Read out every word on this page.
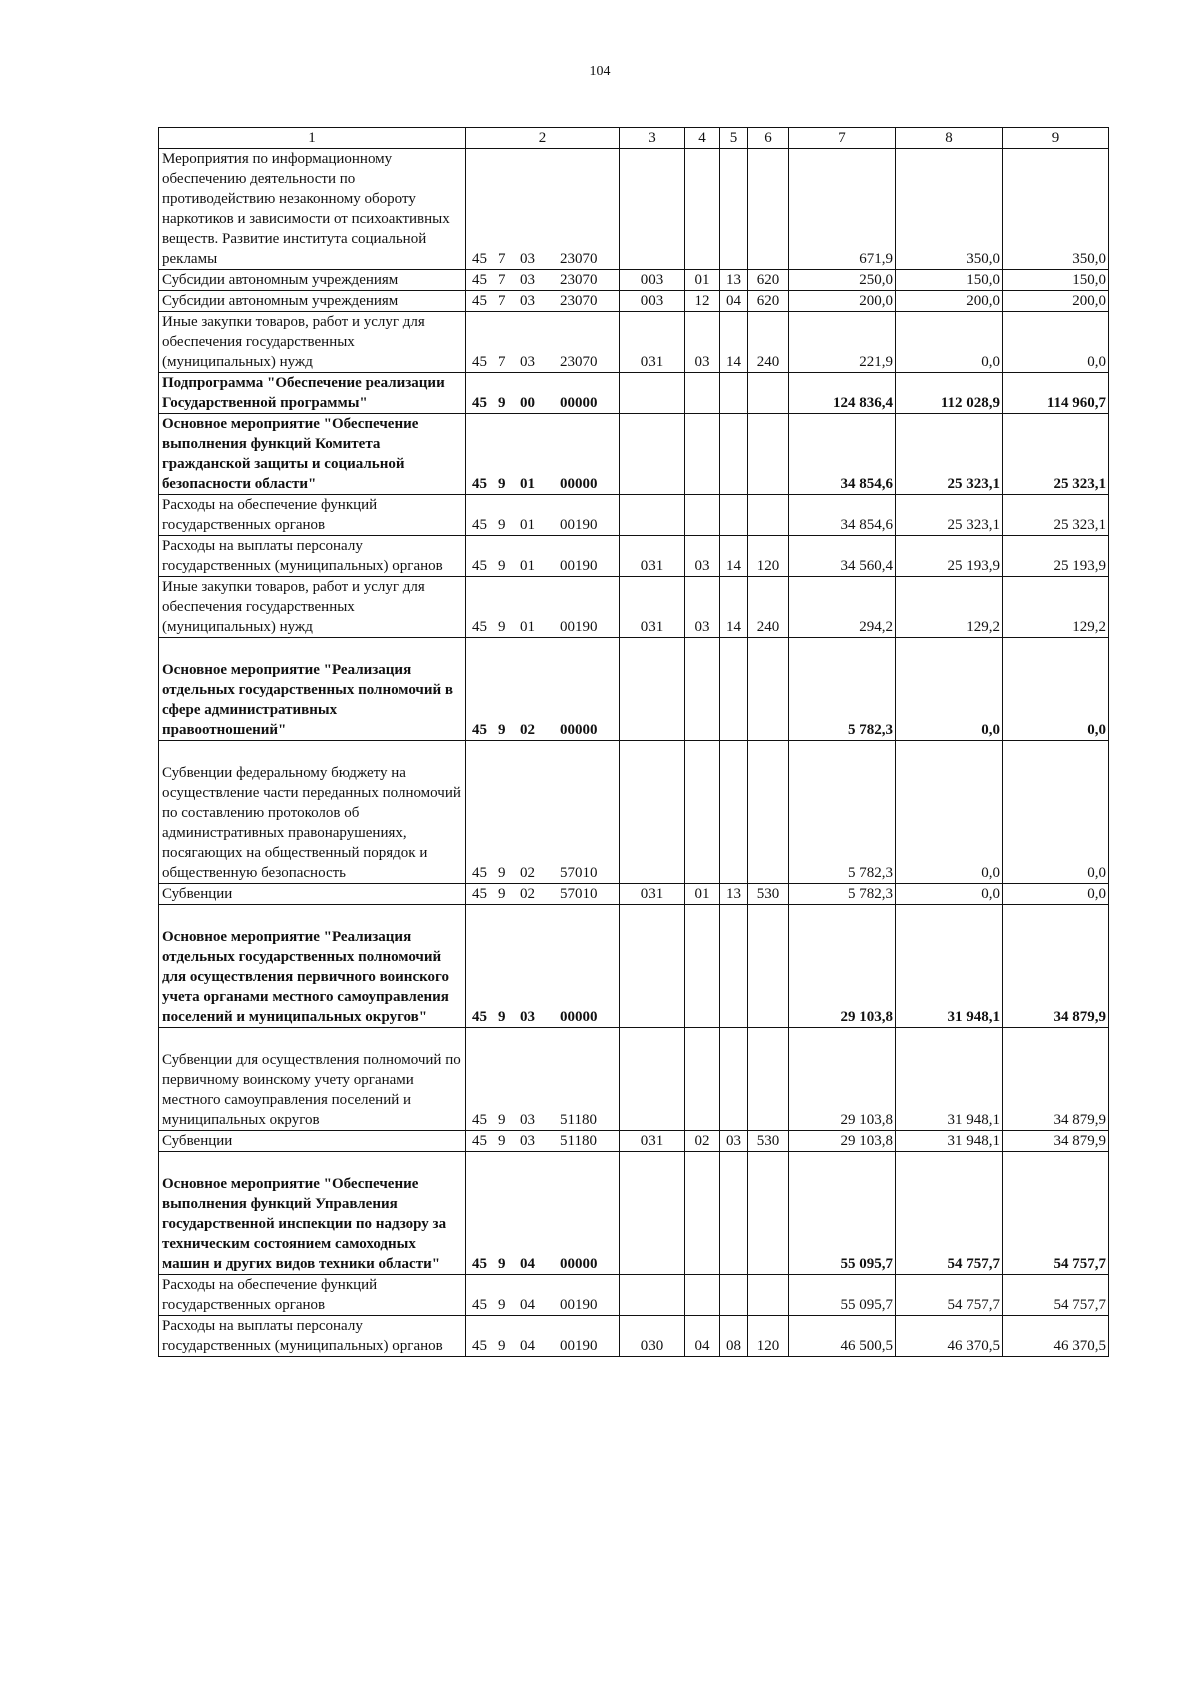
104
1	2	3	4	5	6	7	8	9
Мероприятия по информационному обеспечению деятельности по противодействию незаконному обороту наркотиков и зависимости от психоактивных веществ. Развитие института социальной рекламы	45 7 03 23070					671,9	350,0	350,0
Субсидии автономным учреждениям	45 7 03 23070	003	01	13	620	250,0	150,0	150,0
Субсидии автономным учреждениям	45 7 03 23070	003	12	04	620	200,0	200,0	200,0
Иные закупки товаров, работ и услуг для обеспечения государственных (муниципальных) нужд	45 7 03 23070	031	03	14	240	221,9	0,0	0,0
Подпрограмма "Обеспечение реализации Государственной программы"	45 9 00 00000					124 836,4	112 028,9	114 960,7
Основное мероприятие "Обеспечение выполнения функций Комитета гражданской защиты и социальной безопасности области"	45 9 01 00000					34 854,6	25 323,1	25 323,1
Расходы на обеспечение функций государственных органов	45 9 01 00190					34 854,6	25 323,1	25 323,1
Расходы на выплаты персоналу государственных (муниципальных) органов	45 9 01 00190	031	03	14	120	34 560,4	25 193,9	25 193,9
Иные закупки товаров, работ и услуг для обеспечения государственных (муниципальных) нужд	45 9 01 00190	031	03	14	240	294,2	129,2	129,2
Основное мероприятие "Реализация отдельных государственных полномочий в сфере административных правоотношений"	45 9 02 00000					5 782,3	0,0	0,0
Субвенции федеральному бюджету на осуществление части переданных полномочий по составлению протоколов об административных правонарушениях, посягающих на общественный порядок и общественную безопасность	45 9 02 57010					5 782,3	0,0	0,0
Субвенции	45 9 02 57010	031	01	13	530	5 782,3	0,0	0,0
Основное мероприятие "Реализация отдельных государственных полномочий для осуществления первичного воинского учета органами местного самоуправления поселений и муниципальных округов"	45 9 03 00000					29 103,8	31 948,1	34 879,9
Субвенции для осуществления полномочий по первичному воинскому учету органами местного самоуправления поселений и муниципальных округов	45 9 03 51180					29 103,8	31 948,1	34 879,9
Субвенции	45 9 03 51180	031	02	03	530	29 103,8	31 948,1	34 879,9
Основное мероприятие "Обеспечение выполнения функций Управления государственной инспекции по надзору за техническим состоянием самоходных машин и других видов техники области"	45 9 04 00000					55 095,7	54 757,7	54 757,7
Расходы на обеспечение функций государственных органов	45 9 04 00190					55 095,7	54 757,7	54 757,7
Расходы на выплаты персоналу государственных (муниципальных) органов	45 9 04 00190	030	04	08	120	46 500,5	46 370,5	46 370,5
